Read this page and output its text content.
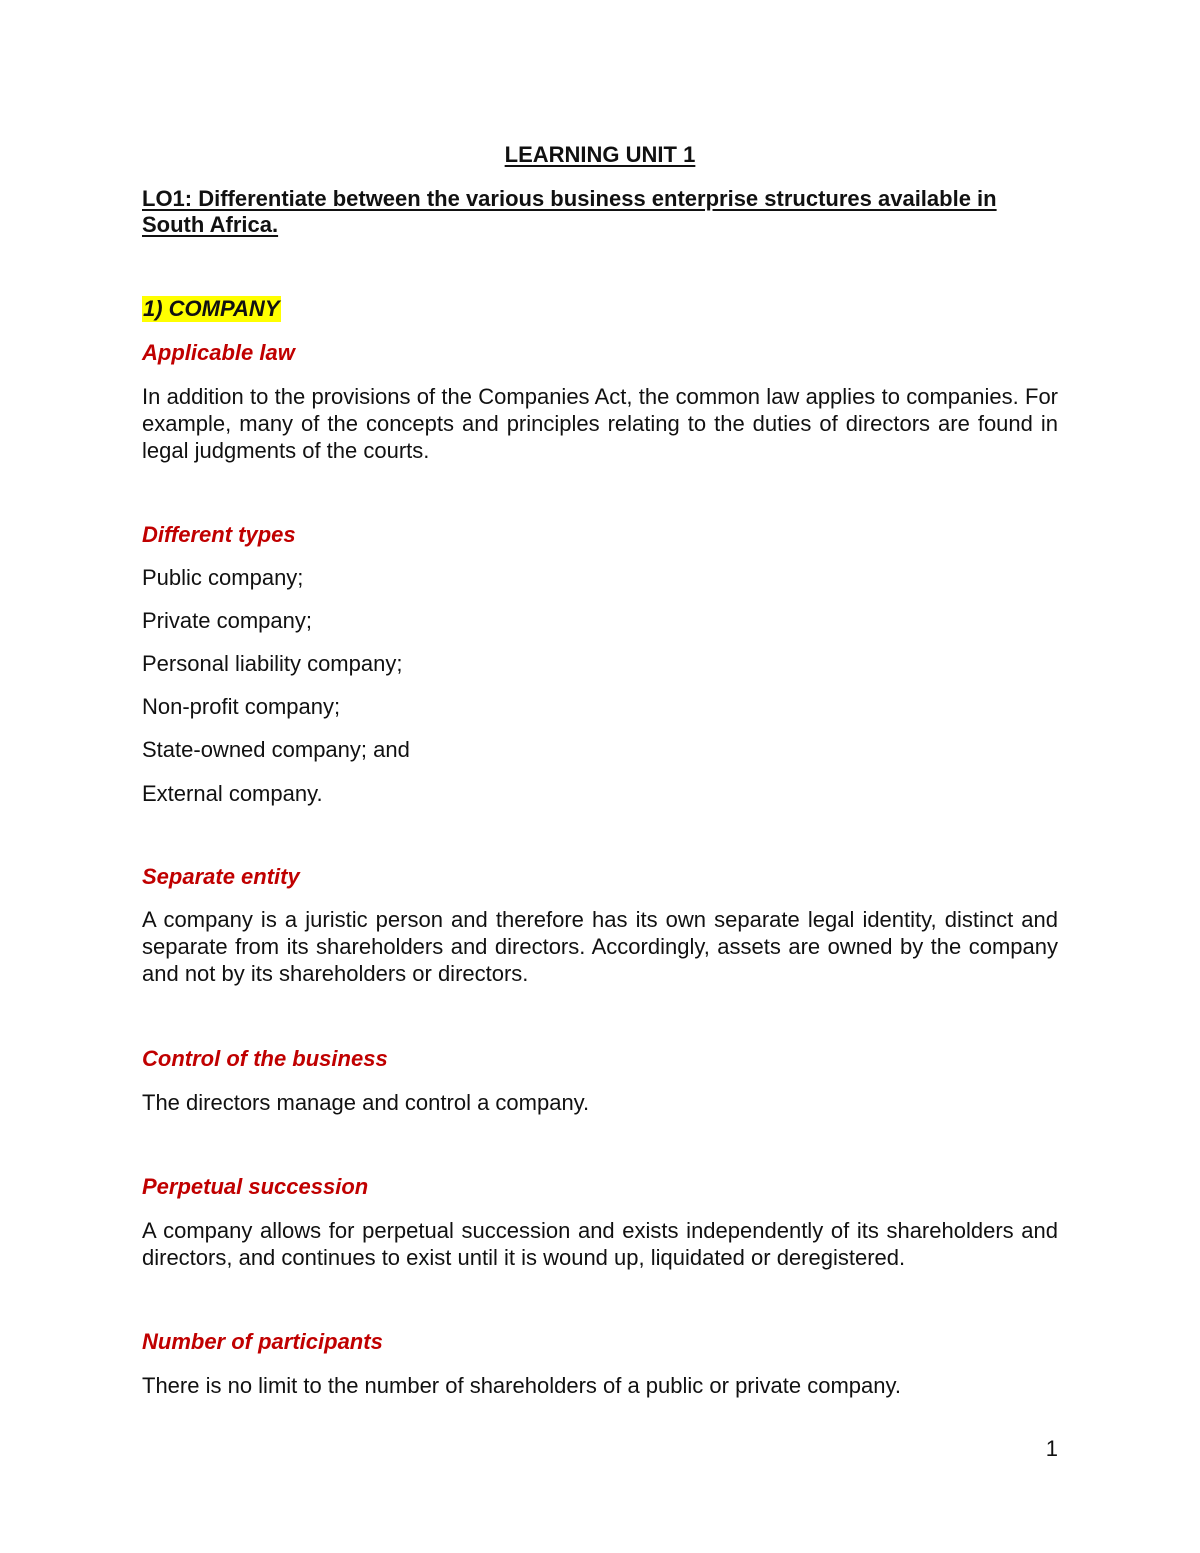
LEARNING UNIT 1
LO1: Differentiate between the various business enterprise structures available in South Africa.
1) COMPANY
Applicable law
In addition to the provisions of the Companies Act, the common law applies to companies. For example, many of the concepts and principles relating to the duties of directors are found in legal judgments of the courts.
Different types
Public company;
Private company;
Personal liability company;
Non-profit company;
State-owned company; and
External company.
Separate entity
A company is a juristic person and therefore has its own separate legal identity, distinct and separate from its shareholders and directors. Accordingly, assets are owned by the company and not by its shareholders or directors.
Control of the business
The directors manage and control a company.
Perpetual succession
A company allows for perpetual succession and exists independently of its shareholders and directors, and continues to exist until it is wound up, liquidated or deregistered.
Number of participants
There is no limit to the number of shareholders of a public or private company.
1
